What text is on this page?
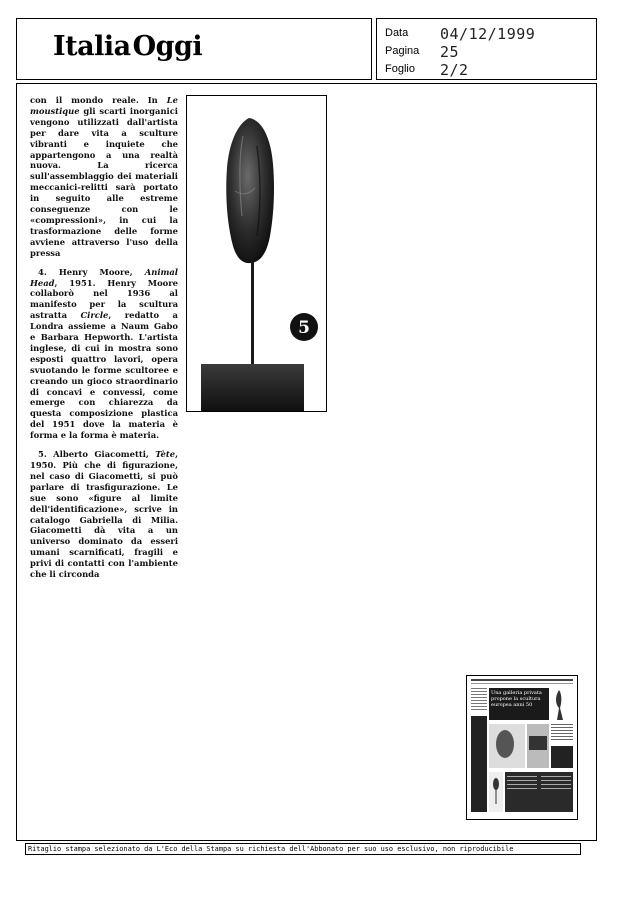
ItaliaOggi	Data 04/12/1999
Pagina 25
Foglio 2/2

con il mondo reale. In Le moustique gli scarti inorganici vengono utilizzati dall'artista per dare vita a sculture vibranti e inquiete che appartengono a una realtà nuova. La ricerca sull'assemblaggio dei materiali meccanici-relitti sarà portato in seguito alle estreme conseguenze con le «compressioni», in cui la trasformazione delle forme avviene attraverso l'uso della pressa

4. Henry Moore, Animal Head, 1951. Henry Moore collaborò nel 1936 al manifesto per la scultura astratta Circle, redatto a Londra assieme a Naum Gabo e Barbara Hepworth. L'artista inglese, di cui in mostra sono esposti quattro lavori, opera svuotando le forme scultoree e creando un gioco straordinario di concavi e convessi, come emerge con chiarezza da questa composizione plastica del 1951 dove la materia è forma e la forma è materia.

5. Alberto Giacometti, Tète, 1950. Più che di figurazione, nel caso di Giacometti, si può parlare di trasfigurazione. Le sue sono «figure al limite dell'identificazione», scrive in catalogo Gabriella di Milia. Giacometti dà vita a un universo dominato da esseri umani scarnificati, fragili e privi di contatti con l'ambiente che li circonda

5
Una galleria privata propone la scultura europea anni 50
Ritaglio stampa selezionato da L'Eco della Stampa su richiesta dell'Abbonato per suo uso esclusivo, non riproducibile
